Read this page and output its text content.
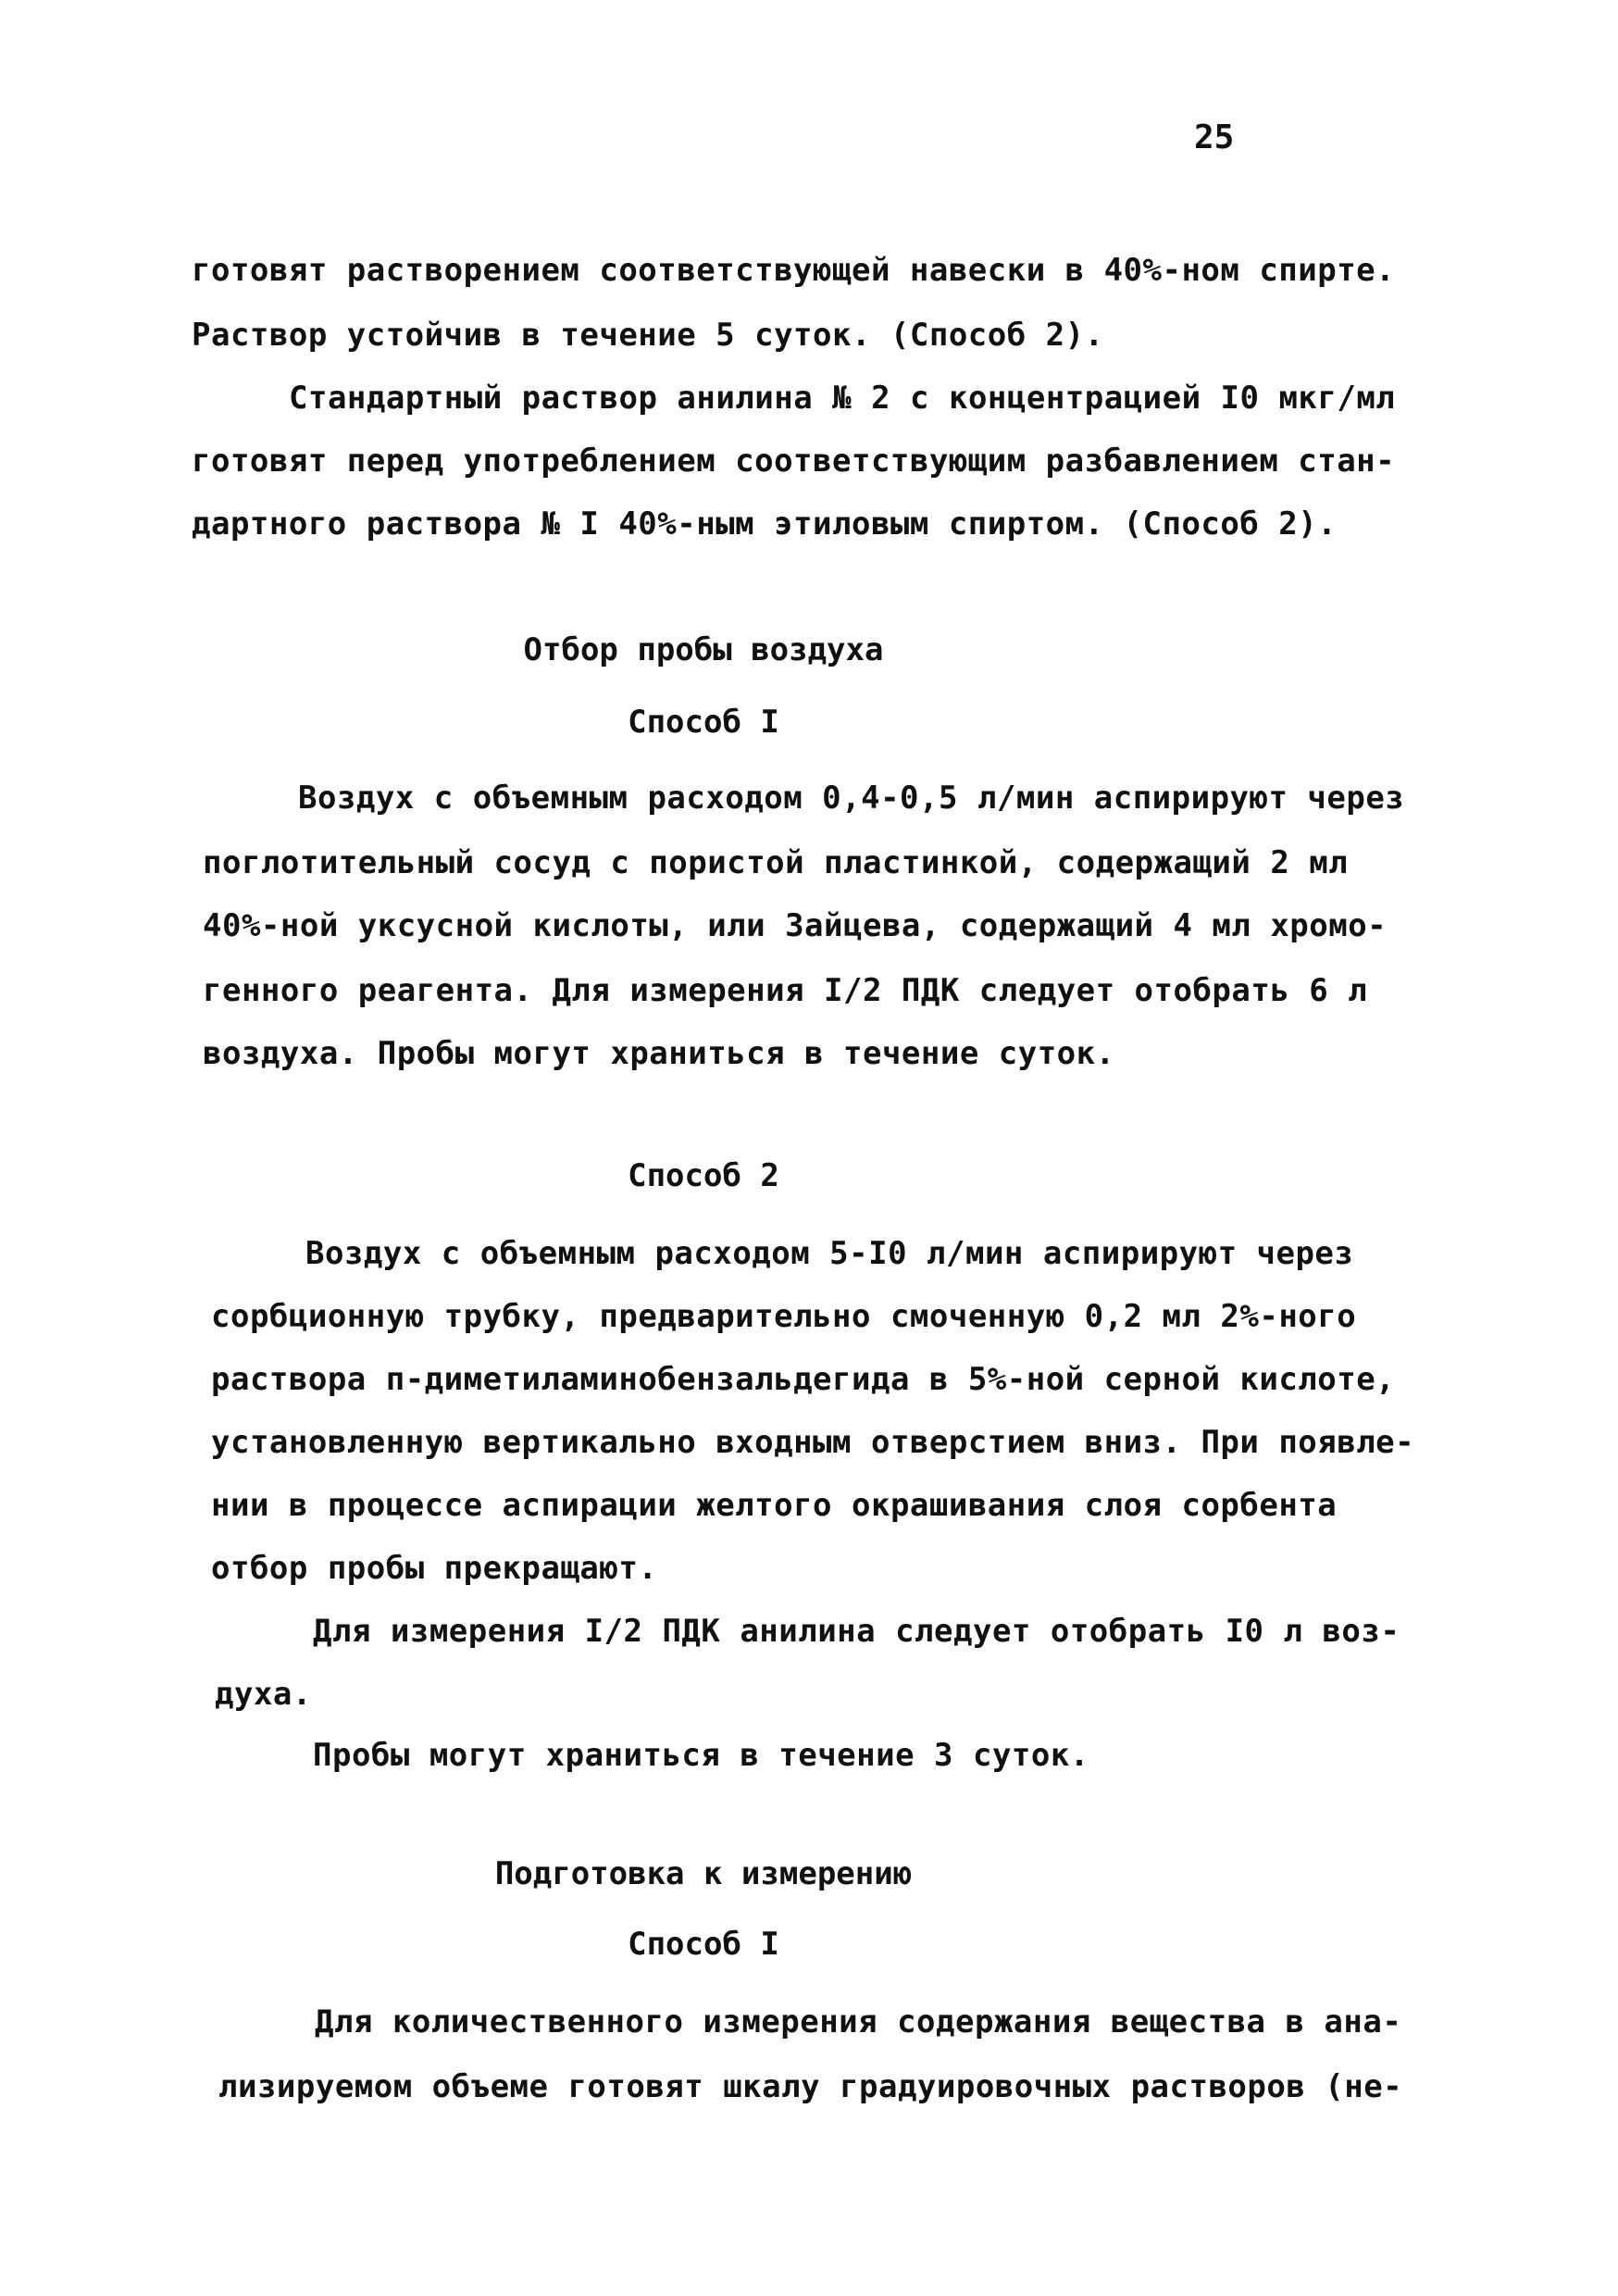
25
готовят растворением соответствующей навески в 40%-ном спирте.
Раствор устойчив в течение 5 суток. (Способ 2).
Стандартный раствор анилина № 2 с концентрацией I0 мкг/мл
готовят перед употреблением соответствующим разбавлением стан-
дартного раствора № I 40%-ным этиловым спиртом. (Способ 2).
Отбор пробы воздуха
Способ I
Воздух с объемным расходом 0,4-0,5 л/мин аспирируют через
поглотительный сосуд с пористой пластинкой, содержащий 2 мл
40%-ной уксусной кислоты, или Зайцева, содержащий 4 мл хромо-
генного реагента. Для измерения I/2 ПДК следует отобрать 6 л
воздуха. Пробы могут храниться в течение суток.
Способ 2
Воздух с объемным расходом 5-I0 л/мин аспирируют через
сорбционную трубку, предварительно смоченную 0,2 мл 2%-ного
раствора п-диметиламинобензальдегида в 5%-ной серной кислоте,
установленную вертикально входным отверстием вниз. При появле-
нии в процессе аспирации желтого окрашивания слоя сорбента
отбор пробы прекращают.
Для измерения I/2 ПДК анилина следует отобрать I0 л воз-
духа.
Пробы могут храниться в течение 3 суток.
Подготовка к измерению
Способ I
Для количественного измерения содержания вещества в ана-
лизируемом объеме готовят шкалу градуировочных растворов (не-
